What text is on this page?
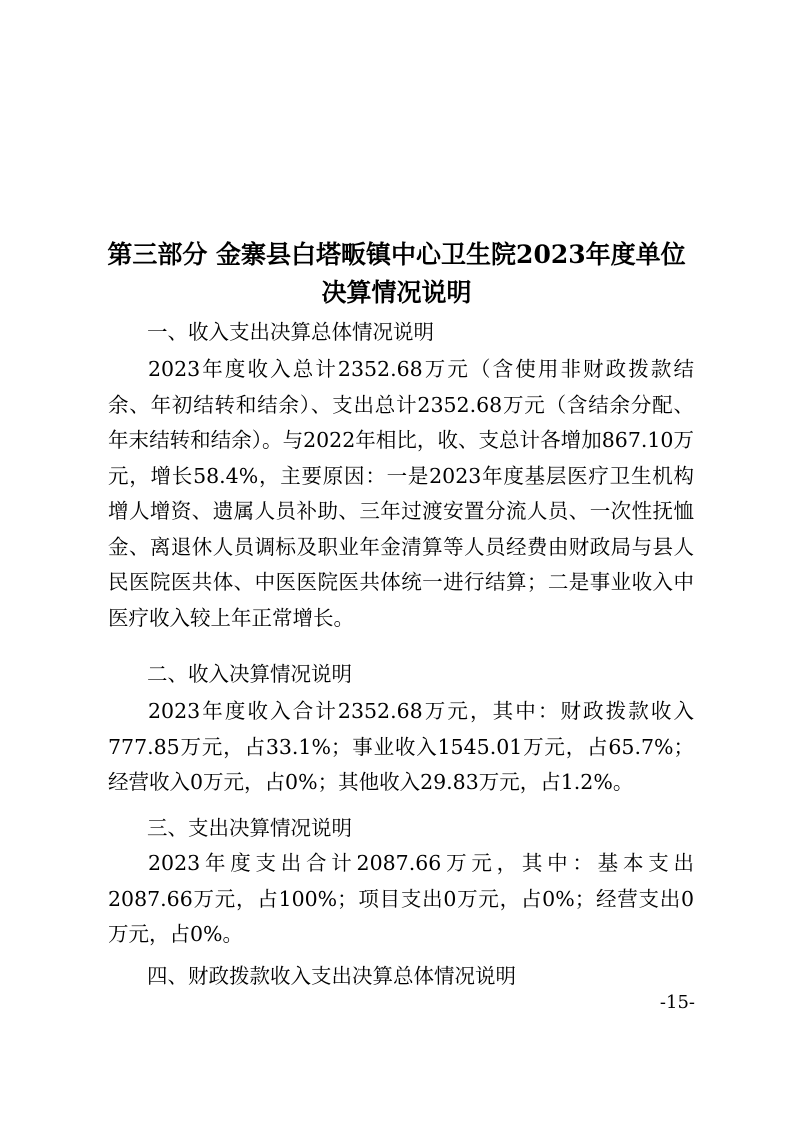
第三部分 金寨县白塔畈镇中心卫生院2023年度单位决算情况说明
一、收入支出决算总体情况说明
2023年度收入总计2352.68万元（含使用非财政拨款结余、年初结转和结余）、支出总计2352.68万元（含结余分配、年末结转和结余）。与2022年相比，收、支总计各增加867.10万元，增长58.4%，主要原因：一是2023年度基层医疗卫生机构增人增资、遗属人员补助、三年过渡安置分流人员、一次性抚恤金、离退休人员调标及职业年金清算等人员经费由财政局与县人民医院医共体、中医医院医共体统一进行结算；二是事业收入中医疗收入较上年正常增长。
二、收入决算情况说明
2023年度收入合计2352.68万元，其中：财政拨款收入777.85万元，占33.1%；事业收入1545.01万元，占65.7%；经营收入0万元，占0%；其他收入29.83万元，占1.2%。
三、支出决算情况说明
2023年度支出合计2087.66万元，其中：基本支出2087.66万元，占100%；项目支出0万元，占0%；经营支出0万元，占0%。
四、财政拨款收入支出决算总体情况说明
-15-
